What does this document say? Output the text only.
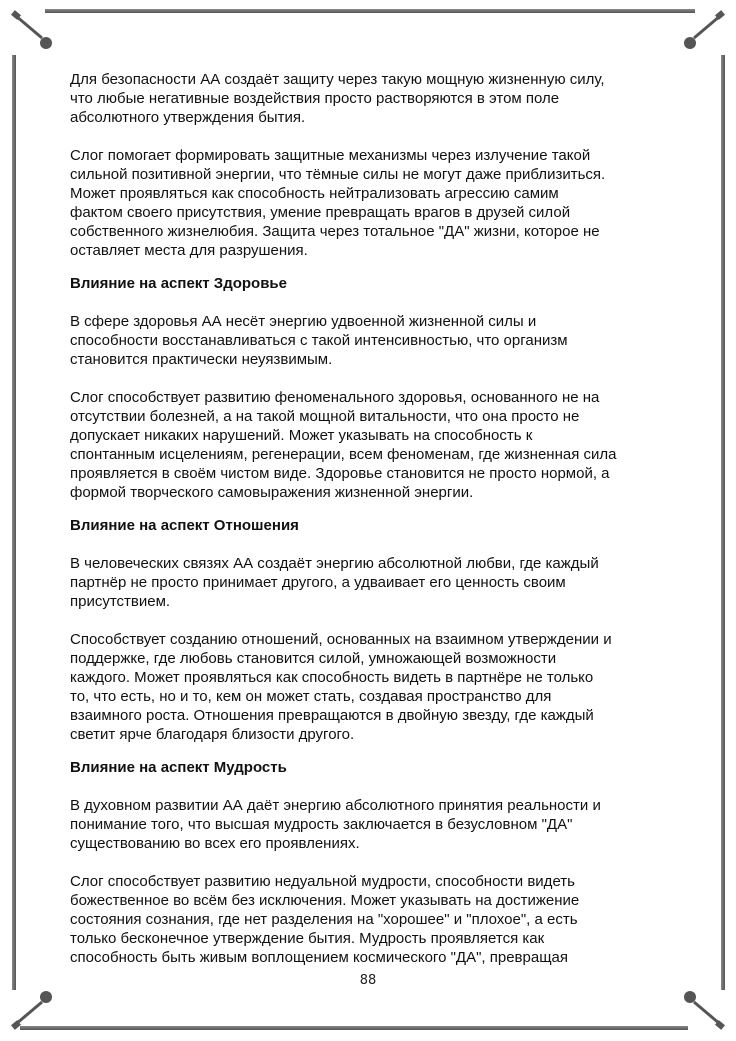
Для безопасности АА создаёт защиту через такую мощную жизненную силу,
что любые негативные воздействия просто растворяются в этом поле
абсолютного утверждения бытия.
Слог помогает формировать защитные механизмы через излучение такой
сильной позитивной энергии, что тёмные силы не могут даже приблизиться.
Может проявляться как способность нейтрализовать агрессию самим
фактом своего присутствия, умение превращать врагов в друзей силой
собственного жизнелюбия. Защита через тотальное "ДА" жизни, которое не
оставляет места для разрушения.
Влияние на аспект Здоровье
В сфере здоровья АА несёт энергию удвоенной жизненной силы и
способности восстанавливаться с такой интенсивностью, что организм
становится практически неуязвимым.
Слог способствует развитию феноменального здоровья, основанного не на
отсутствии болезней, а на такой мощной витальности, что она просто не
допускает никаких нарушений. Может указывать на способность к
спонтанным исцелениям, регенерации, всем феноменам, где жизненная сила
проявляется в своём чистом виде. Здоровье становится не просто нормой, а
формой творческого самовыражения жизненной энергии.
Влияние на аспект Отношения
В человеческих связях АА создаёт энергию абсолютной любви, где каждый
партнёр не просто принимает другого, а удваивает его ценность своим
присутствием.
Способствует созданию отношений, основанных на взаимном утверждении и
поддержке, где любовь становится силой, умножающей возможности
каждого. Может проявляться как способность видеть в партнёре не только
то, что есть, но и то, кем он может стать, создавая пространство для
взаимного роста. Отношения превращаются в двойную звезду, где каждый
светит ярче благодаря близости другого.
Влияние на аспект Мудрость
В духовном развитии АА даёт энергию абсолютного принятия реальности и
понимание того, что высшая мудрость заключается в безусловном "ДА"
существованию во всех его проявлениях.
Слог способствует развитию недуальной мудрости, способности видеть
божественное во всём без исключения. Может указывать на достижение
состояния сознания, где нет разделения на "хорошее" и "плохое", а есть
только бесконечное утверждение бытия. Мудрость проявляется как
способность быть живым воплощением космического "ДА", превращая
88
